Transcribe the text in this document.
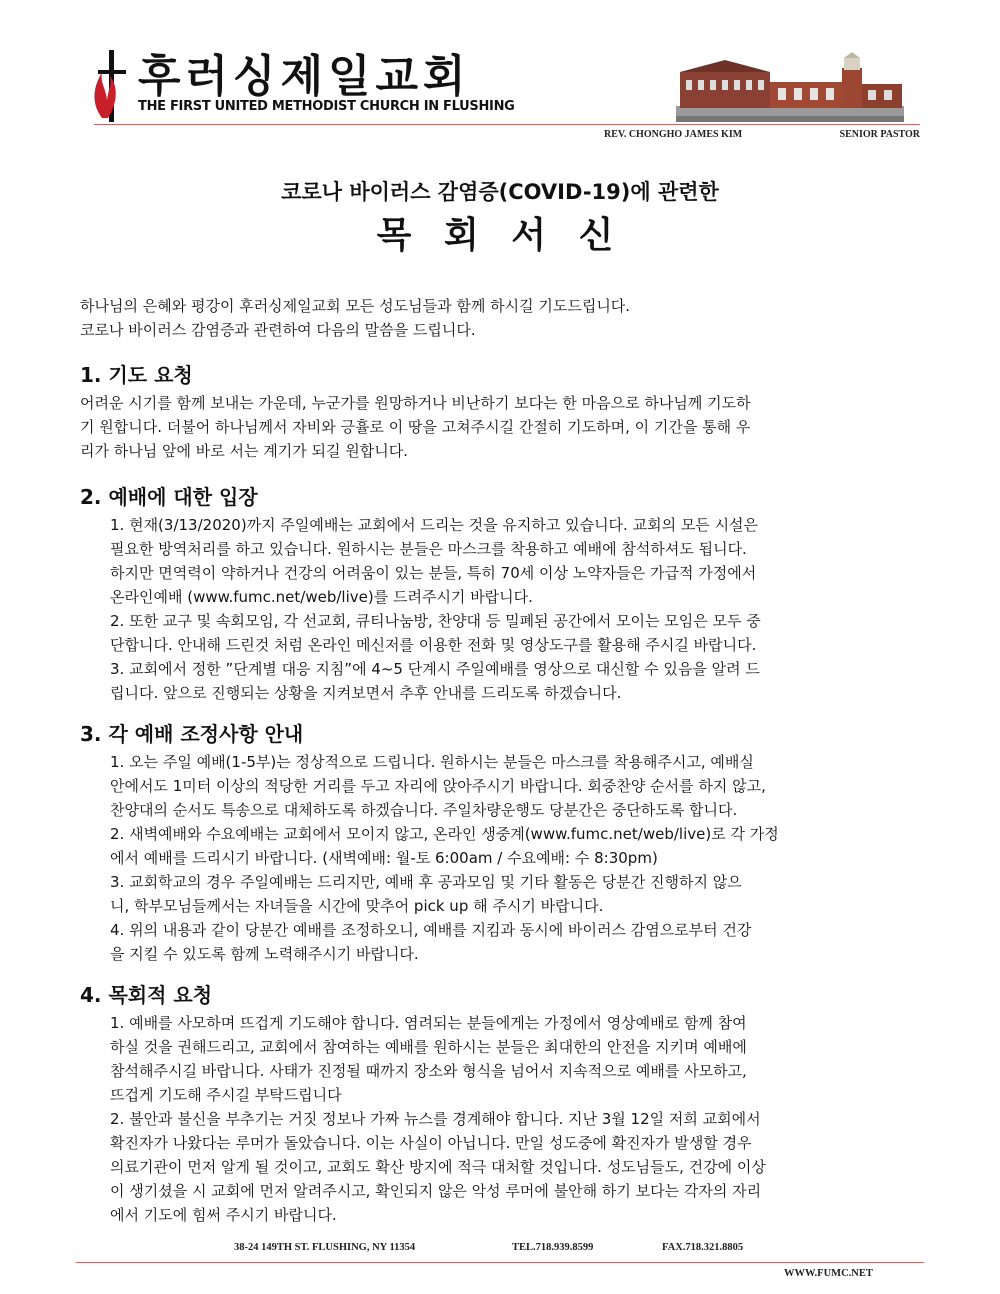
후러싱제일교회
THE FIRST UNITED METHODIST CHURCH IN FLUSHING
REV. CHONGHO JAMES KIM	SENIOR PASTOR
코로나 바이러스 감염증(COVID-19)에 관련한
목 회 서 신
하나님의 은혜와 평강이 후러싱제일교회 모든 성도님들과 함께 하시길 기도드립니다.
코로나 바이러스 감염증과 관련하여 다음의 말씀을 드립니다.
1. 기도 요청
어려운 시기를 함께 보내는 가운데, 누군가를 원망하거나 비난하기 보다는 한 마음으로 하나님께 기도하
기 원합니다. 더불어 하나님께서 자비와 긍휼로 이 땅을 고쳐주시길 간절히 기도하며, 이 기간을 통해 우
리가 하나님 앞에 바로 서는 계기가 되길 원합니다.
2. 예배에 대한 입장
1. 현재(3/13/2020)까지 주일예배는 교회에서 드리는 것을 유지하고 있습니다. 교회의 모든 시설은
필요한 방역처리를 하고 있습니다. 원하시는 분들은 마스크를 착용하고 예배에 참석하셔도 됩니다.
하지만 면역력이 약하거나 건강의 어려움이 있는 분들, 특히 70세 이상 노약자들은 가급적 가정에서
온라인예배 (www.fumc.net/web/live)를 드려주시기 바랍니다.
2. 또한 교구 및 속회모임, 각 선교회, 큐티나눔방, 찬양대 등 밀폐된 공간에서 모이는 모임은 모두 중
단합니다. 안내해 드린것 처럼 온라인 메신저를 이용한 전화 및 영상도구를 활용해 주시길 바랍니다.
3. 교회에서 정한 ˮ단계별 대응 지침ˮ에 4~5 단계시 주일예배를 영상으로 대신할 수 있음을 알려 드
립니다. 앞으로 진행되는 상황을 지켜보면서 추후 안내를 드리도록 하겠습니다.
3. 각 예배 조정사항 안내
1. 오는 주일 예배(1-5부)는 정상적으로 드립니다. 원하시는 분들은 마스크를 착용해주시고, 예배실
안에서도 1미터 이상의 적당한 거리를 두고 자리에 앉아주시기 바랍니다. 회중찬양 순서를 하지 않고,
찬양대의 순서도 특송으로 대체하도록 하겠습니다. 주일차량운행도 당분간은 중단하도록 합니다.
2. 새벽예배와 수요예배는 교회에서 모이지 않고, 온라인 생중계(www.fumc.net/web/live)로 각 가정
에서 예배를 드리시기 바랍니다. (새벽예배: 월-토 6:00am / 수요예배: 수 8:30pm)
3. 교회학교의 경우 주일예배는 드리지만, 예배 후 공과모임 및 기타 활동은 당분간 진행하지 않으
니, 학부모님들께서는 자녀들을 시간에 맞추어 pick up 해 주시기 바랍니다.
4. 위의 내용과 같이 당분간 예배를 조정하오니, 예배를 지킴과 동시에 바이러스 감염으로부터 건강
을 지킬 수 있도록 함께 노력해주시기 바랍니다.
4. 목회적 요청
1. 예배를 사모하며 뜨겁게 기도해야 합니다. 염려되는 분들에게는 가정에서 영상예배로 함께 참여
하실 것을 권해드리고, 교회에서 참여하는 예배를 원하시는 분들은 최대한의 안전을 지키며 예배에
참석해주시길 바랍니다. 사태가 진정될 때까지 장소와 형식을 넘어서 지속적으로 예배를 사모하고,
뜨겁게 기도해 주시길 부탁드립니다
2. 불안과 불신을 부추기는 거짓 정보나 가짜 뉴스를 경계해야 합니다. 지난 3월 12일 저희 교회에서
확진자가 나왔다는 루머가 돌았습니다. 이는 사실이 아닙니다. 만일 성도중에 확진자가 발생할 경우
의료기관이 먼저 알게 될 것이고, 교회도 확산 방지에 적극 대처할 것입니다. 성도님들도, 건강에 이상
이 생기셨을 시 교회에 먼저 알려주시고, 확인되지 않은 악성 루머에 불안해 하기 보다는 각자의 자리
에서 기도에 힘써 주시기 바랍니다.
38-24 149TH ST. FLUSHING, NY 11354	TEL.718.939.8599	FAX.718.321.8805
WWW.FUMC.NET
